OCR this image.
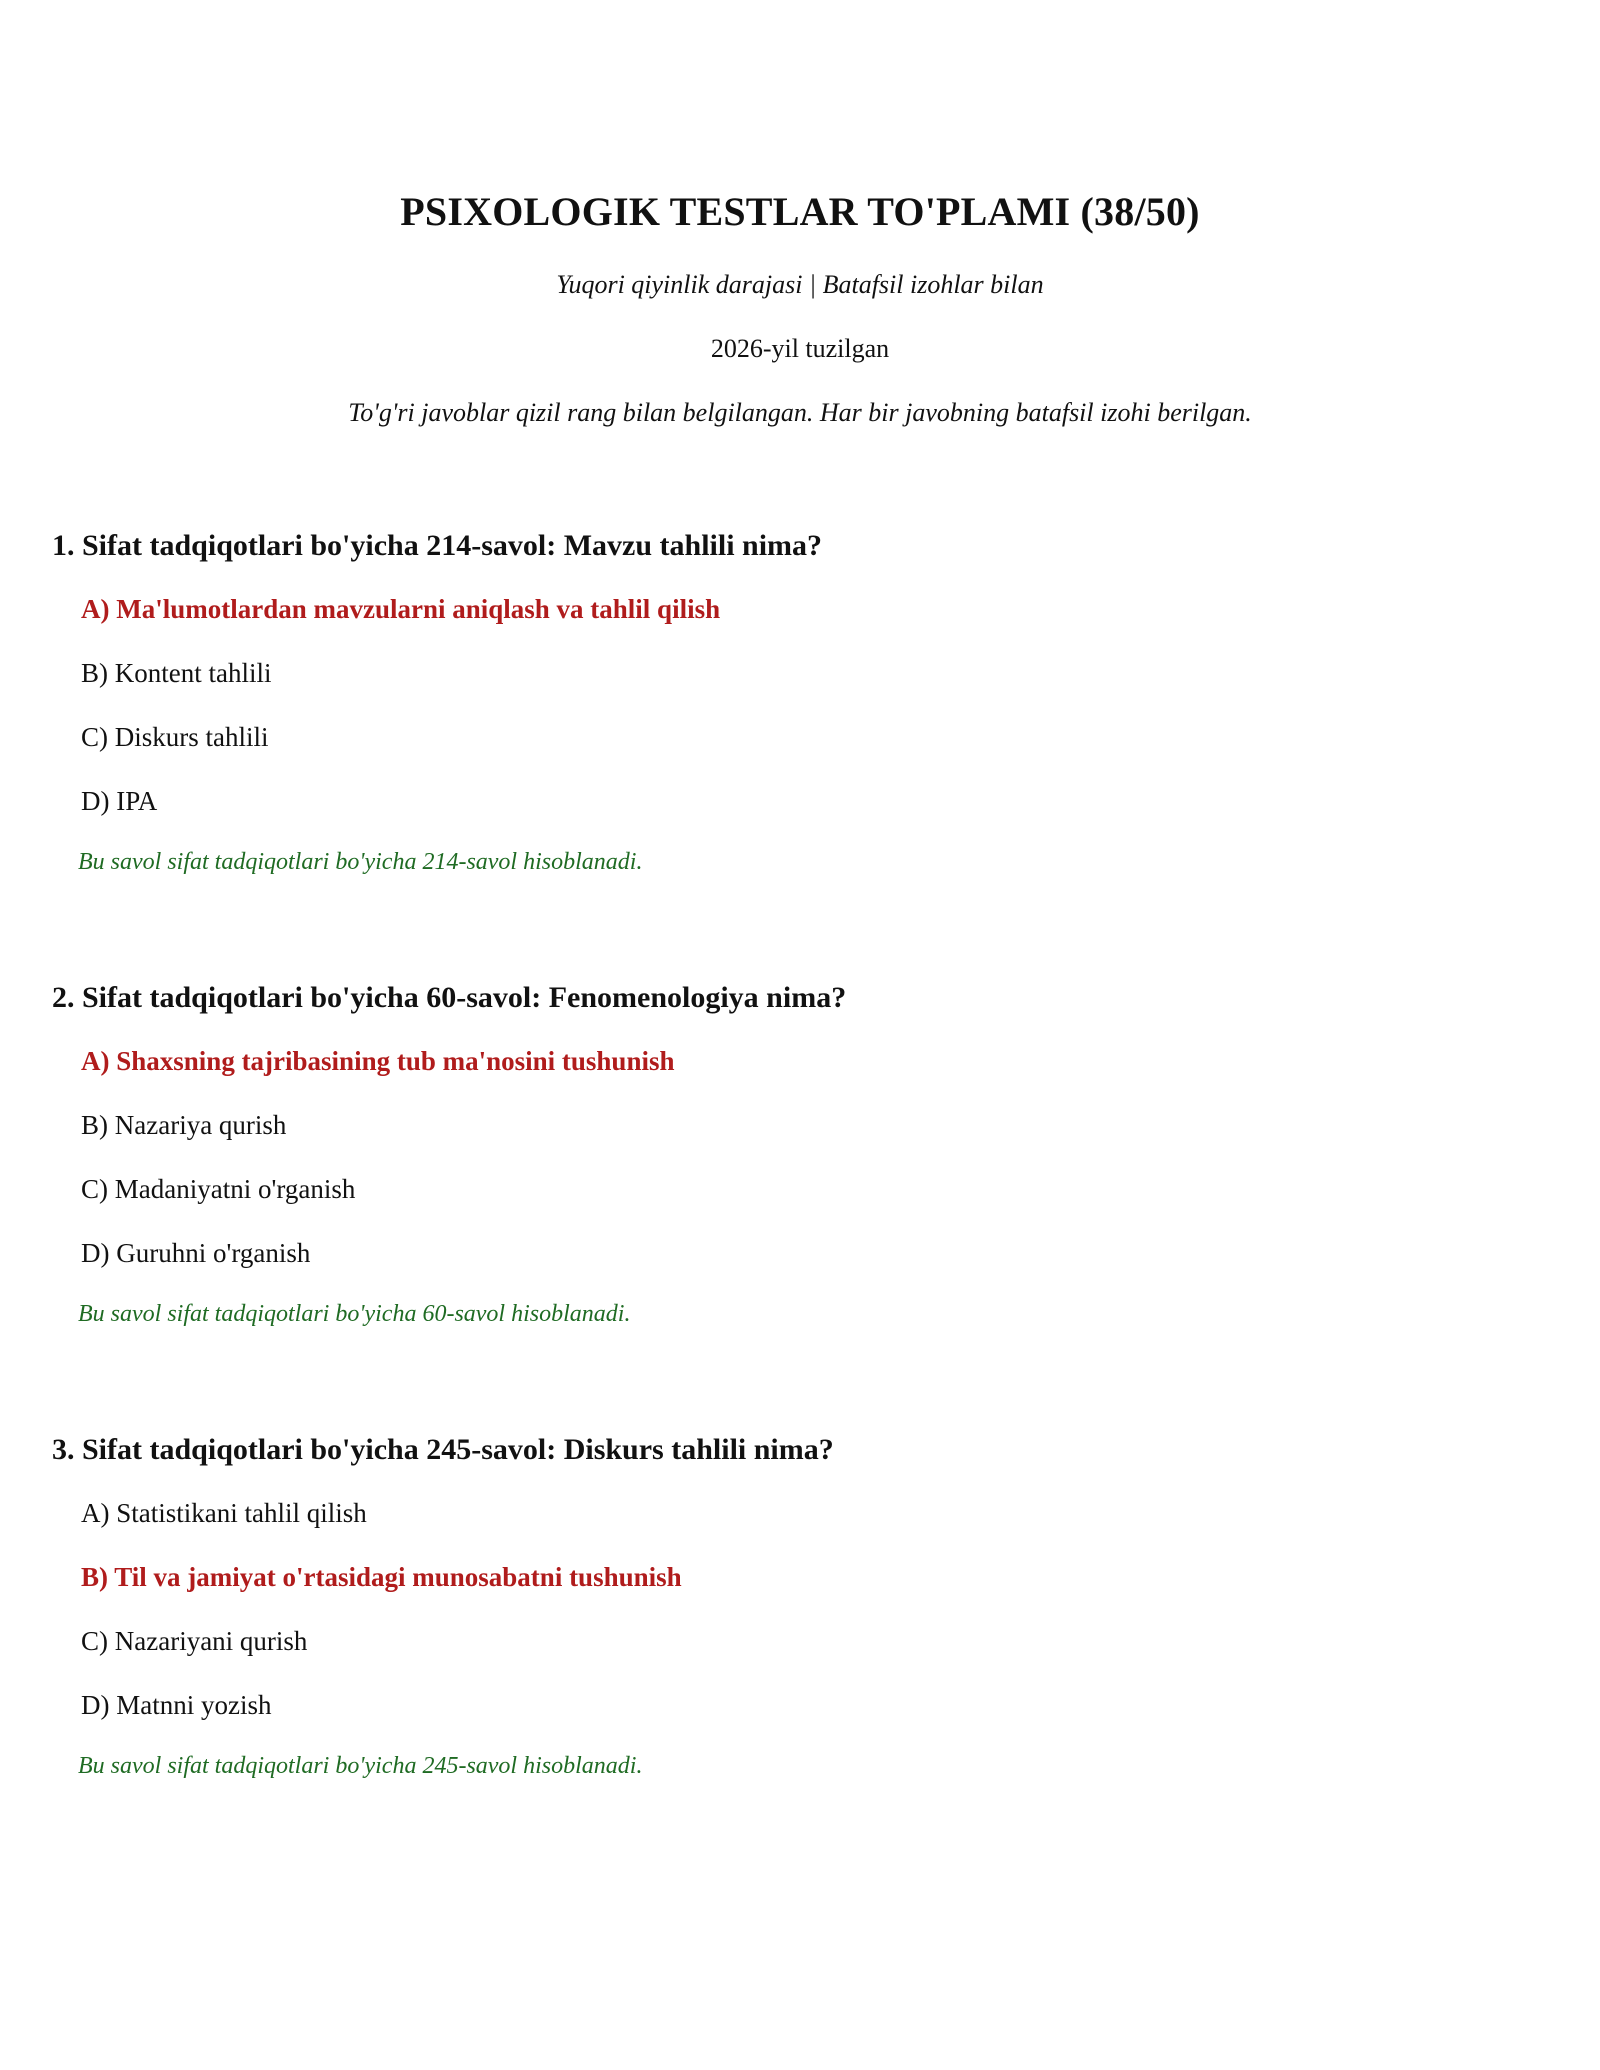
PSIXOLOGIK TESTLAR TO'PLAMI (38/50)
Yuqori qiyinlik darajasi | Batafsil izohlar bilan
2026-yil tuzilgan
To'g'ri javoblar qizil rang bilan belgilangan. Har bir javobning batafsil izohi berilgan.

1. Sifat tadqiqotlari bo'yicha 214-savol: Mavzu tahlili nima?

A) Ma'lumotlardan mavzularni aniqlash va tahlil qilish

B) Kontent tahlili

C) Diskurs tahlili

D) IPA

Bu savol sifat tadqiqotlari bo'yicha 214-savol hisoblanadi.

2. Sifat tadqiqotlari bo'yicha 60-savol: Fenomenologiya nima?

A) Shaxsning tajribasining tub ma'nosini tushunish

B) Nazariya qurish

C) Madaniyatni o'rganish

D) Guruhni o'rganish

Bu savol sifat tadqiqotlari bo'yicha 60-savol hisoblanadi.

3. Sifat tadqiqotlari bo'yicha 245-savol: Diskurs tahlili nima?

A) Statistikani tahlil qilish

B) Til va jamiyat o'rtasidagi munosabatni tushunish

C) Nazariyani qurish

D) Matnni yozish

Bu savol sifat tadqiqotlari bo'yicha 245-savol hisoblanadi.
